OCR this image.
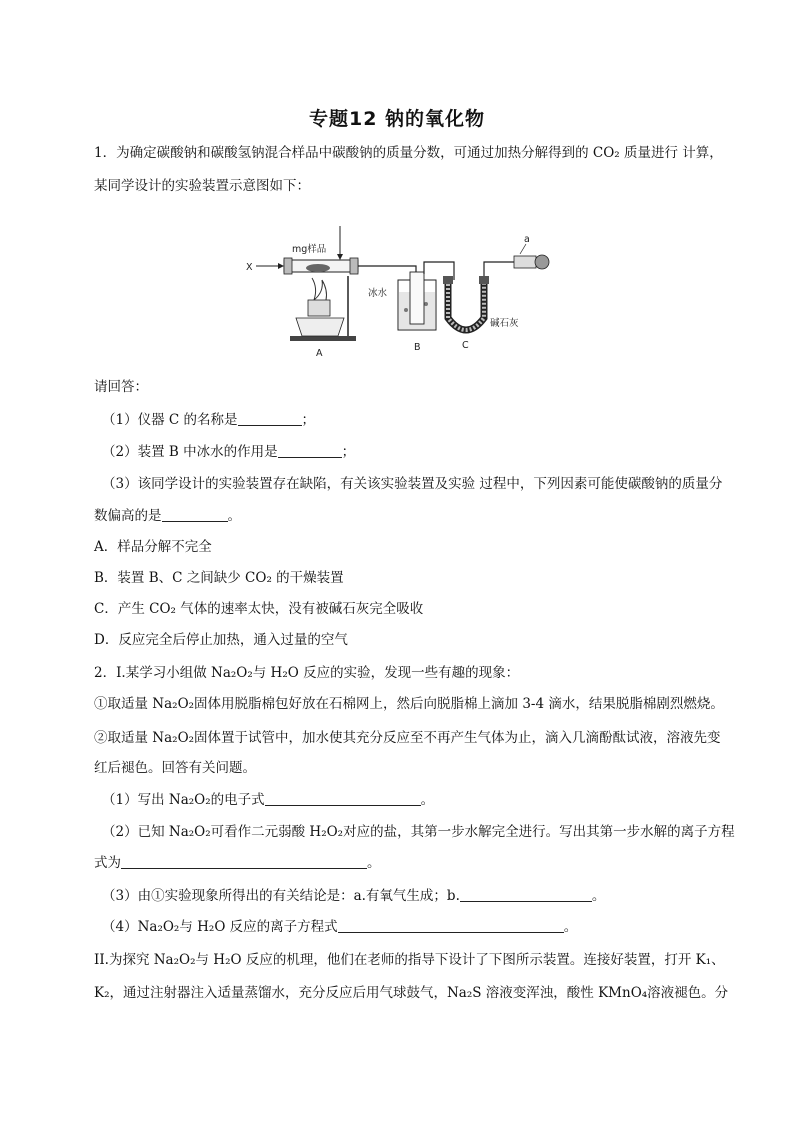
专题12 钠的氧化物
1．为确定碳酸钠和碳酸氢钠混合样品中碳酸钠的质量分数，可通过加热分解得到的 CO₂ 质量进行 计算，
某同学设计的实验装置示意图如下：
X
mg样品
A
冰水
B
碱石灰
C
a
请回答：
（1）仪器 C 的名称是	；
（2）装置 B 中冰水的作用是	；
（3）该同学设计的实验装置存在缺陷，有关该实验装置及实验 过程中，下列因素可能使碳酸钠的质量分
数偏高的是	。
A．样品分解不完全
B．装置 B、C 之间缺少 CO₂ 的干燥装置
C．产生 CO₂ 气体的速率太快，没有被碱石灰完全吸收
D．反应完全后停止加热，通入过量的空气
2．I.某学习小组做 Na₂O₂与 H₂O 反应的实验，发现一些有趣的现象：
①取适量 Na₂O₂固体用脱脂棉包好放在石棉网上，然后向脱脂棉上滴加 3-4 滴水，结果脱脂棉剧烈燃烧。
②取适量 Na₂O₂固体置于试管中，加水使其充分反应至不再产生气体为止，滴入几滴酚酞试液，溶液先变
红后褪色。回答有关问题。
（1）写出 Na₂O₂的电子式	。
（2）已知 Na₂O₂可看作二元弱酸 H₂O₂对应的盐，其第一步水解完全进行。写出其第一步水解的离子方程
式为	。
（3）由①实验现象所得出的有关结论是：a.有氧气生成；b.	。
（4）Na₂O₂与 H₂O 反应的离子方程式	。
II.为探究 Na₂O₂与 H₂O 反应的机理，他们在老师的指导下设计了下图所示装置。连接好装置，打开 K₁、
K₂，通过注射器注入适量蒸馏水，充分反应后用气球鼓气，Na₂S 溶液变浑浊，酸性 KMnO₄溶液褪色。分
